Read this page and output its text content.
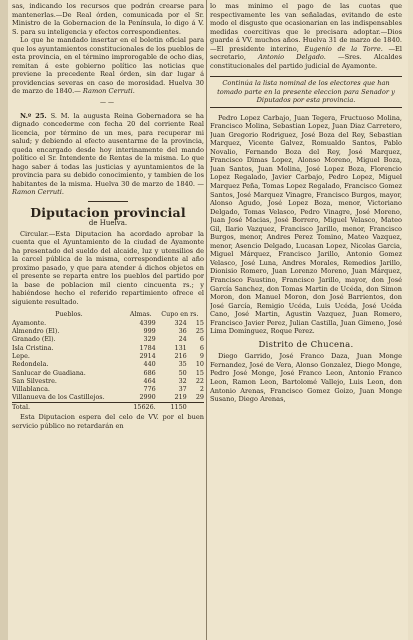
sas, indicando los recursos que podrán crearse para mantenerlas.—De Real órden, comunicada por el Sr. Ministro de la Gobernacion de la Península, lo digo á V. S. para su inteligencia y efectos correspondientes.

Lo que he mandado insertar en el boletin oficial para que los ayuntamientos constitucionales de los pueblos de esta provincia, en el término improrogable de ocho dias, remitan á este gobierno político las noticias que previene la precedente Real órden, sin dar lugar á providencias severas en caso de morosidad. Huelva 30 de marzo de 1840.— Ramon Cerruti.

——

N.º 25. S. M. la augusta Reina Gobernadora se ha dignado concederme con fecha 20 del corriente Real licencia, por término de un mes, para recuperar mi salud; y debiendo al efecto ausentarme de la provincia, queda encargado desde hoy interinamente del mando político el Sr. Intendente de Rentas de la misma. Lo que hago saber á todas las justicias y ayuntamientos de la provincia para su debido conocimiento, y tambien de los habitantes de la misma. Huelva 30 de marzo de 1840. — Ramon Cerruti.

Diputacion provincial
de Huelva.

Circular.—Esta Diputacion ha acordado aprobar la cuenta que el Ayuntamiento de la ciudad de Ayamonte ha presentado del sueldo del alcaide, luz y utensilios de la carcel pública de la misma, correspondiente al año proximo pasado, y que para atender á dichos objetos en el presente se reparta entre los pueblos del partido por la base de poblacion mil ciento cincuenta rs.; y habiéndose hecho el referido repartimiento ofrece el siguiente resultado.

Pueblos.	Almas.	Cupo en rs.	
Ayamonte.	4399	324	15
Almendro (El).	999	36	25
Granado (El).	329	24	6
Isla Cristina.	1784	131	6
Lepe.	2914	216	9
Redondela.	440	35	10
Sanlucar de Guadiana.	686	50	15
San Silvestre.	464	32	22
Villablanca.	776	37	2
Villanueva de los Castillejos.	2990	219	29
Total.	15626.	1150	

Esta Diputacion espera del celo de VV. por el buen servicio público no retardarán en

lo mas minimo el pago de las cuotas que respectivamente les van señaladas, evitando de este modo el disgusto que ocasionarian en las indispensables medidas coercitivas que le precisara adoptar.—Dios guarde á VV. muchos años. Huelva 31 de marzo de 1840. —El presidente interino, Eugenio de la Torre. —El secretario, Antonio Delgado. —Sres. Alcaldes constitucionales del partido judicial de Ayamonte.

Continúa la lista nominal de los electores que han tomado parte en la presente eleccion para Senador y Diputados por esta provincia.

Pedro Lopez Carbajo, Juan Tegera, Fructuoso Molina, Francisco Molina, Sebastian Lopez, Juan Diaz Carretero, Juan Gregorio Rodriguez, José Boza del Rey, Sebastian Marquez, Vicente Galvez, Romualdo Santos, Pablo Novalio, Fernando Boza del Rey, José Marquez, Francisco Dimas Lopez, Alonso Moreno, Miguel Boza, Juan Santos, Juan Molina, José Lopez Boza, Florencio Lopez Regalado, Javier Carbajo, Pedro Lopez, Miguel Marquez Peña, Tomas Lopez Regalado, Francisco Gomez Santos, José Marquez Vinagre, Francisco Burgos, mayor, Alonso Agudo, José Lopez Boza, menor, Victoriano Delgado, Tomas Velasco, Pedro Vinagre, José Moreno, Juan José Macias, José Borrero, Miguel Velasco, Mateo Gil, Ilario Vazquez, Francisco Jarillo, menor, Francisco Burgos, menor, Andres Perez Tomino, Mateo Vazquez, menor, Asencio Delgado, Lucasan Lopez, Nicolas Garcia, Miguel Márquez, Francisco Jarillo, Antonio Gomez Velasco, José Luna, Andres Morales, Remedios Jarillo, Dionisio Romero, Juan Lorenzo Moreno, Juan Márquez, Francisco Faustino, Francisco Jarillo, mayor, don José García Sanchez, don Tomas Martin de Ucéda, don Simon Moron, don Manuel Moron, don José Barrientos, don José García, Remigio Ucéda, Luis Ucéda, José Ucéda Cano, José Martin, Agustin Vazquez, Juan Romero, Francisco Javier Perez, Julian Castilla, Juan Gimeno, José Lima Dominguez, Roque Perez.

Distrito de Chucena.

Diego Garrido, José Franco Daza, Juan Monge Fernandez, José de Vera, Alonso Gonzalez, Diego Monge, Pedro José Monge, José Franco Leon, Antonio Franco Leon, Ramon Leon, Bartolomé Vallejo, Luis Leon, don Antonio Arenas, Francisco Gomez Goizo, Juan Monge Susano, Diego Arenas,
